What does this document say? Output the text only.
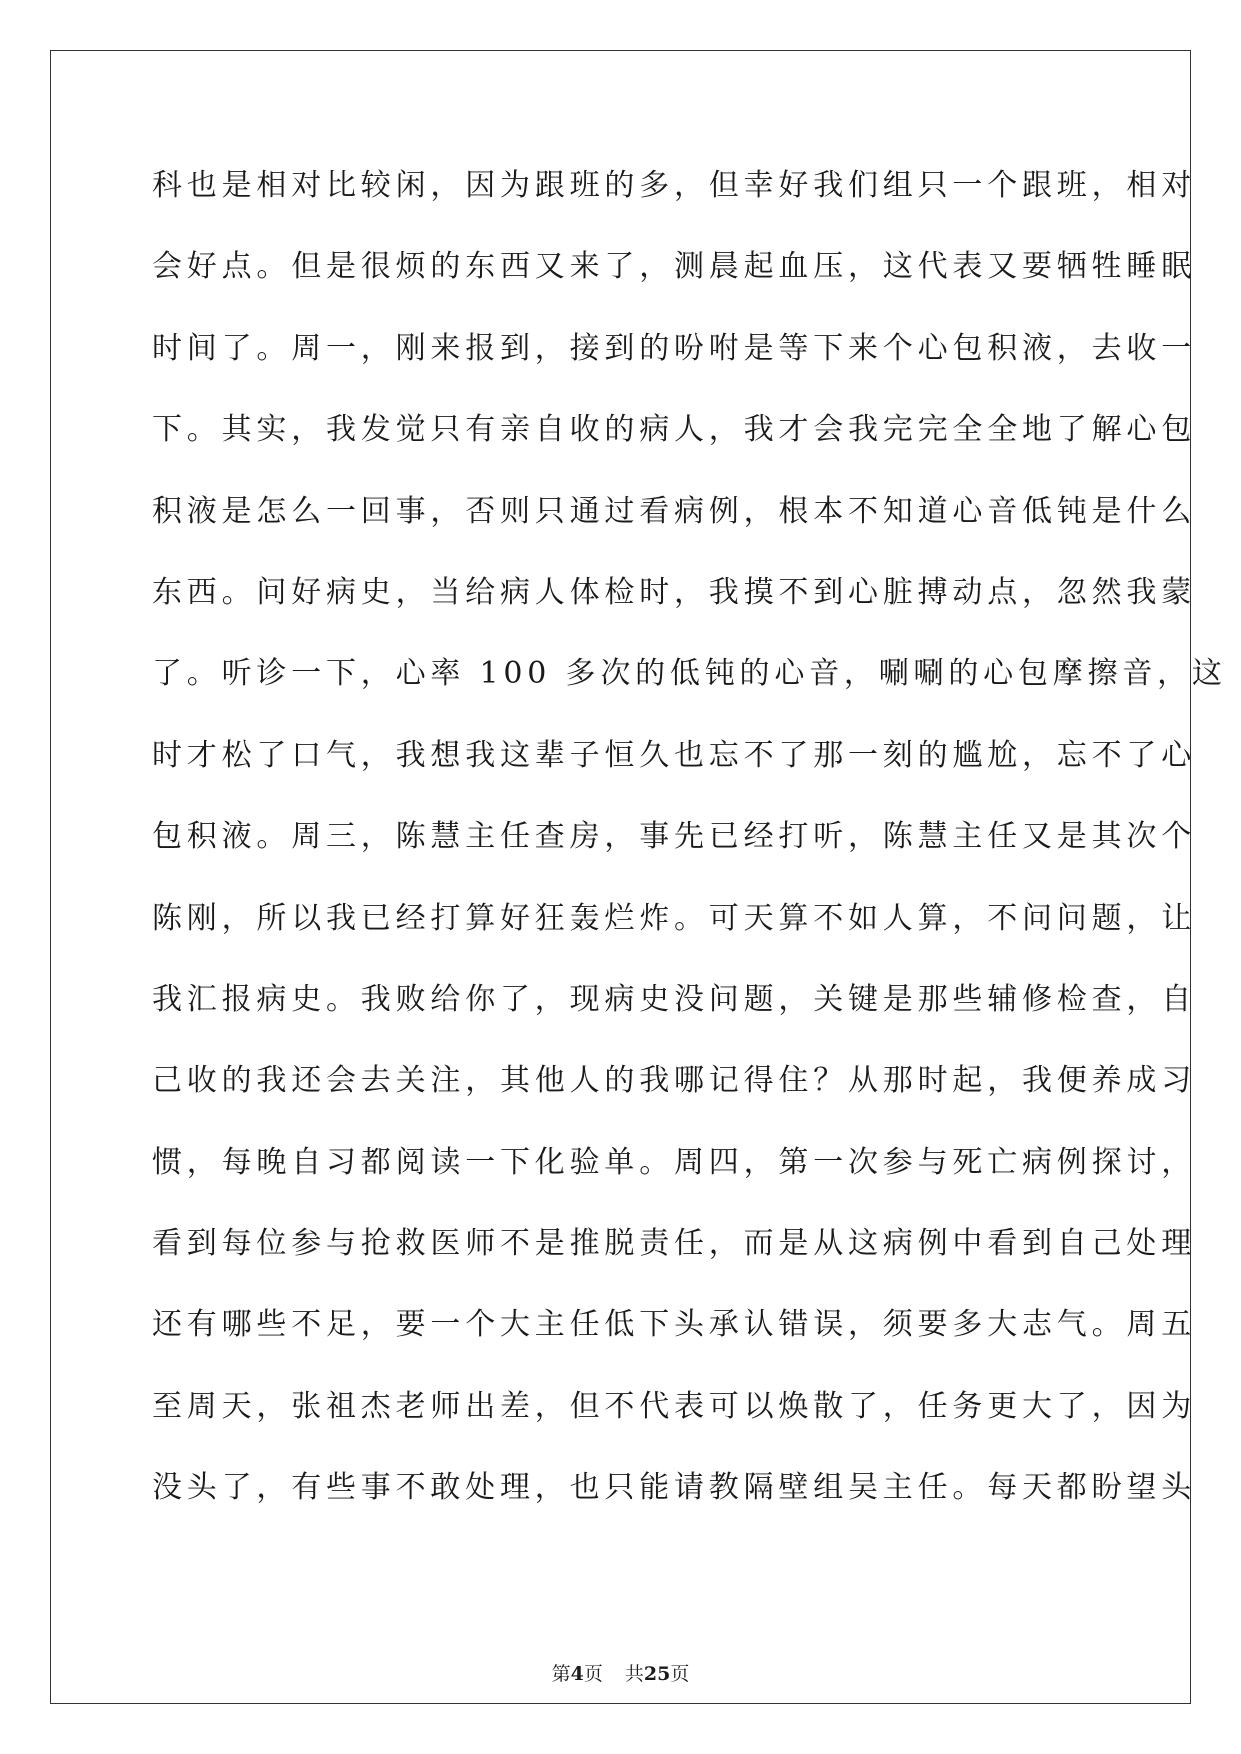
科也是相对比较闲，因为跟班的多，但幸好我们组只一个跟班，相对
会好点。但是很烦的东西又来了，测晨起血压，这代表又要牺牲睡眠
时间了。周一，刚来报到，接到的吩咐是等下来个心包积液，去收一
下。其实，我发觉只有亲自收的病人，我才会我完完全全地了解心包
积液是怎么一回事，否则只通过看病例，根本不知道心音低钝是什么
东西。问好病史，当给病人体检时，我摸不到心脏搏动点，忽然我蒙
了。听诊一下，心率 100 多次的低钝的心音，唰唰的心包摩擦音，这
时才松了口气，我想我这辈子恒久也忘不了那一刻的尴尬，忘不了心
包积液。周三，陈慧主任查房，事先已经打听，陈慧主任又是其次个
陈刚，所以我已经打算好狂轰烂炸。可天算不如人算，不问问题，让
我汇报病史。我败给你了，现病史没问题，关键是那些辅修检查，自
己收的我还会去关注，其他人的我哪记得住？从那时起，我便养成习
惯，每晚自习都阅读一下化验单。周四，第一次参与死亡病例探讨，
看到每位参与抢救医师不是推脱责任，而是从这病例中看到自己处理
还有哪些不足，要一个大主任低下头承认错误，须要多大志气。周五
至周天，张祖杰老师出差，但不代表可以焕散了，任务更大了，因为
没头了，有些事不敢处理，也只能请教隔壁组吴主任。每天都盼望头
第4页 共25页
